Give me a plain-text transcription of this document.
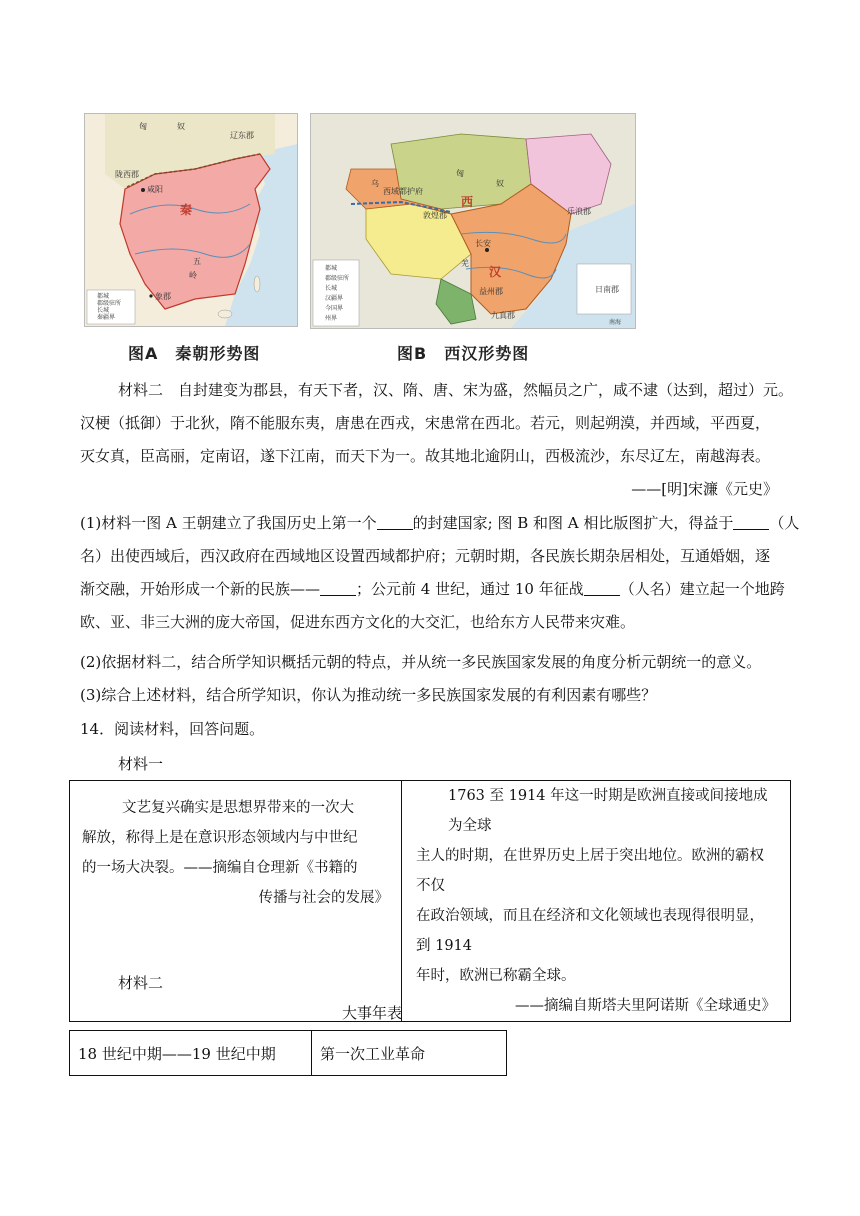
匈	奴
辽东郡
陇西郡
咸阳
秦
五
岭
象郡
都城
郡级驻所
长城
秦疆界
图A　秦朝形势图
乌
西域都护府
敦煌郡
匈
奴
西
乐浪郡
长安
汉
羌
益州郡
九真郡
南海
日南郡
都城
郡级驻所
长城
汉疆界
今国界
州界
图B　西汉形势图
材料二　自封建变为郡县，有天下者，汉、隋、唐、宋为盛，然幅员之广，咸不逮（达到，超过）元。
汉梗（抵御）于北狄，隋不能服东夷，唐患在西戎，宋患常在西北。若元，则起朔漠，并西域，平西夏，
灭女真，臣高丽，定南诏，遂下江南，而天下为一。故其地北逾阴山，西极流沙，东尽辽左，南越海表。
——[明]宋濂《元史》
(1)材料一图 A 王朝建立了我国历史上第一个 的封建国家; 图 B 和图 A 相比版图扩大，得益于 （人
名）出使西域后，西汉政府在西域地区设置西域都护府；元朝时期，各民族长期杂居相处，互通婚姻，逐
渐交融，开始形成一个新的民族—— ；公元前 4 世纪，通过 10 年征战 （人名）建立起一个地跨
欧、亚、非三大洲的庞大帝国，促进东西方文化的大交汇，也给东方人民带来灾难。
(2)依据材料二，结合所学知识概括元朝的特点，并从统一多民族国家发展的角度分析元朝统一的意义。
(3)综合上述材料，结合所学知识，你认为推动统一多民族国家发展的有利因素有哪些？
14．阅读材料，回答问题。
材料一
文艺复兴确实是思想界带来的一次大
解放，称得上是在意识形态领域内与中世纪
的一场大决裂。——摘编自仓理新《书籍的
传播与社会的发展》

1763 至 1914 年这一时期是欧洲直接或间接地成为全球
主人的时期，在世界历史上居于突出地位。欧洲的霸权不仅
在政治领域，而且在经济和文化领域也表现得很明显，到 1914
年时，欧洲已称霸全球。
——摘编自斯塔夫里阿诺斯《全球通史》
材料二
大事年表
18 世纪中期——19 世纪中期	第一次工业革命
